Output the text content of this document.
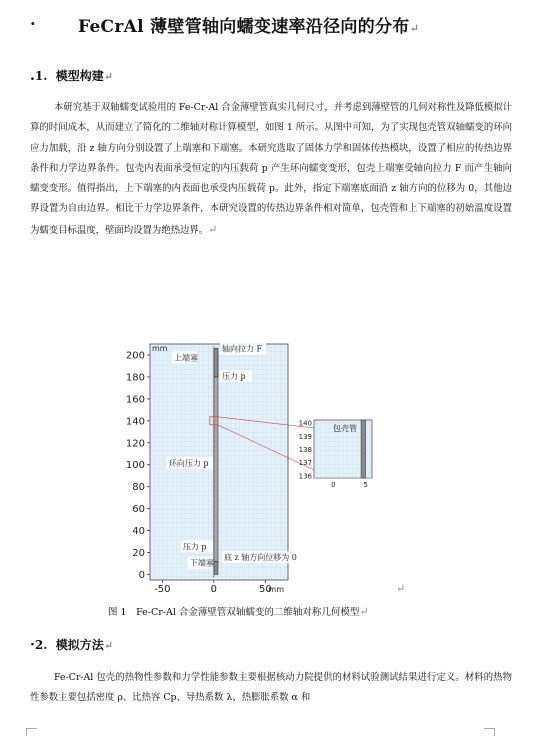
· FeCrAl 薄壁管轴向蠕变速率沿径向的分布↵
.1. 模型构建↵

本研究基于双轴蠕变试验用的 Fe-Cr-Al 合金薄壁管真实几何尺寸，并考虑到薄壁管的几何对称性及降低模拟计算的时间成本，从而建立了简化的二维轴对称计算模型，如图 1 所示。从图中可知，为了实现包壳管双轴蠕变的环向应力加载，沿 z 轴方向分别设置了上端塞和下端塞。本研究选取了固体力学和固体传热模块，设置了相应的传热边界条件和力学边界条件。包壳内表面承受恒定的内压载荷 p 产生环向蠕变变形，包壳上端塞受轴向拉力 F 而产生轴向蠕变变形。值得指出，上下端塞的内表面也承受内压载荷 p。此外，指定下端塞底面沿 z 轴方向的位移为 0，其他边界设置为自由边界。相比于力学边界条件，本研究设置的传热边界条件相对简单，包壳管和上下端塞的初始温度设置为蠕变目标温度，壁面均设置为绝热边界。↵

0
20
40
60
80
100
120
140
160
180
200
-50	0	50
mm
mm
轴向拉力 F
上端塞
压力 p
环向压力 p
压力 p
下端塞
底 z 轴方向位移为 0
136
137
138
139
140
0	5
包壳管
↵
图 1　Fe-Cr-Al 合金薄壁管双轴蠕变的二维轴对称几何模型↵
·2. 模拟方法↵

Fe-Cr-Al 包壳的热物性参数和力学性能参数主要根据核动力院提供的材料试验测试结果进行定义。材料的热物性参数主要包括密度 ρ、比热容 Cp、导热系数 λ、热膨胀系数 α 和
